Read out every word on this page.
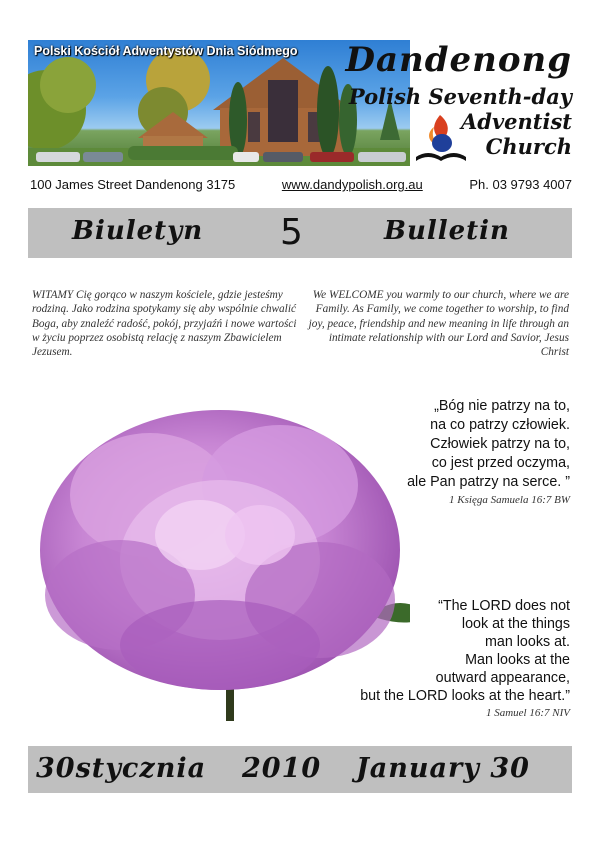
Polski Kościół Adwentystów Dnia Siódmego	Dandenong
Polish Seventh-day
Adventist
Church
100 James Street Dandenong 3175	www.dandypolish.org.au	Ph. 03 9793 4007
Biuletyn 5	Bulletin
WITAMY Cię gorąco w naszym kościele, gdzie jesteśmy rodziną. Jako rodzina spotykamy się aby wspólnie chwalić Boga, aby znaleźć radość, pokój, przyjaźń i nowe wartości w życiu poprzez osobistą relację z naszym Zbawicielem Jezusem.
We WELCOME you warmly to our church, where we are Family. As Family, we come together to worship, to find joy, peace, friendship and new meaning in life through an intimate relationship with our Lord and Savior, Jesus Christ
„Bóg nie patrzy na to,
na co patrzy człowiek.
Człowiek patrzy na to,
co jest przed oczyma,
ale Pan patrzy na serce. ”
1 Księga Samuela 16:7 BW
“The LORD does not
look at the things
man looks at.
Man looks at the
outward appearance,
but the LORD looks at the heart.”
1 Samuel 16:7 NIV
30stycznia 2010 January 30
